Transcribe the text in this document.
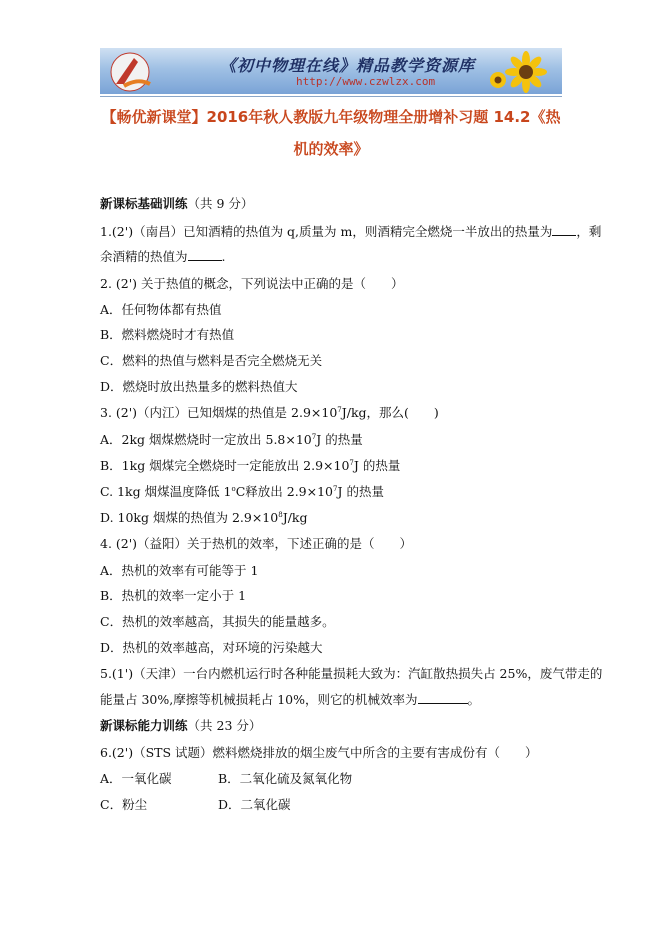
《初中物理在线》精品教学资源库
http://www.czwlzx.com
【畅优新课堂】2016年秋人教版九年级物理全册增补习题 14.2《热
机的效率》
新课标基础训练（共 9 分）
1.(2')（南昌）已知酒精的热值为 q,质量为 m，则酒精完全燃烧一半放出的热量为 ，剩
余酒精的热值为	.
2. (2') 关于热值的概念，下列说法中正确的是（　　）
A．任何物体都有热值
B．燃料燃烧时才有热值
C．燃料的热值与燃料是否完全燃烧无关
D．燃烧时放出热量多的燃料热值大
3. (2')（内江）已知烟煤的热值是 $2.9\times 10^7J/kg$，那么(　　)
A．2kg 烟煤燃烧时一定放出 $5.8\times 10^7J$ 的热量
B．1kg 烟煤完全燃烧时一定能放出 $2.9\times 10^7J$ 的热量
C. 1kg 烟煤温度降低 1$^o$C释放出 $2.9\times 10^7J$ 的热量
D. 10kg 烟煤的热值为 $2.9\times 10^8J/kg$
4. (2')（益阳）关于热机的效率，下述正确的是（　　）
A．热机的效率有可能等于 1
B．热机的效率一定小于 1
C．热机的效率越高，其损失的能量越多。
D．热机的效率越高，对环境的污染越大
5.(1')（天津）一台内燃机运行时各种能量损耗大致为：汽缸散热损失占 25%，废气带走的
能量占 30%,摩擦等机械损耗占 10%，则它的机械效率为	。
新课标能力训练（共 23 分）
6.(2')（STS 试题）燃料燃烧排放的烟尘废气中所含的主要有害成份有（　　）
A．一氧化碳	B．二氧化硫及氮氧化物
C．粉尘	D．二氧化碳
